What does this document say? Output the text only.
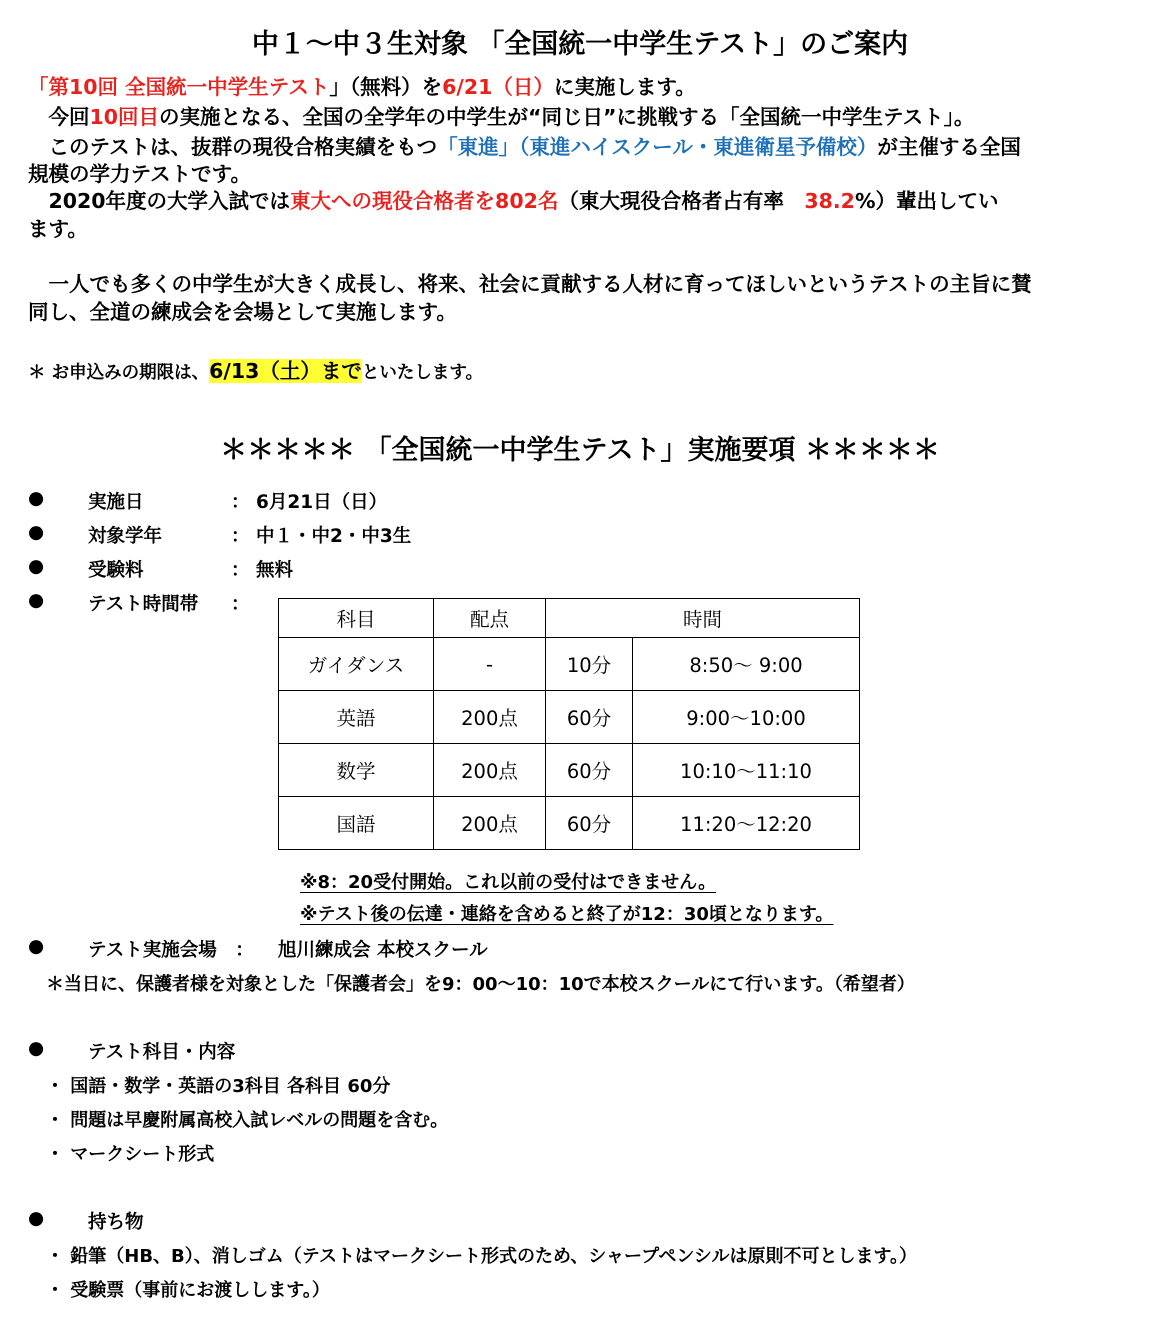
中１～中３生対象 「全国統一中学生テスト」のご案内
「第10回 全国統一中学生テスト」（無料）を6/21（日）に実施します。
　今回10回目の実施となる、全国の全学年の中学生が“同じ日”に挑戦する「全国統一中学生テスト」。
　このテストは、抜群の現役合格実績をもつ「東進」（東進ハイスクール・東進衛星予備校）が主催する全国
規模の学力テストです。
　2020年度の大学入試では東大への現役合格者を802名（東大現役合格者占有率　38.2%）輩出してい
ます。
　一人でも多くの中学生が大きく成長し、将来、社会に貢献する人材に育ってほしいというテストの主旨に賛
同し、全道の練成会を会場として実施します。
＊ お申込みの期限は、6/13（土）までといたします。
＊＊＊＊＊ 「全国統一中学生テスト」実施要項 ＊＊＊＊＊
● 実施日	： 6月21日（日）
● 対象学年	： 中１・中2・中3生
● 受験料	： 無料
● テスト時間帯 ：
科目	配点	時間	
ガイダンス	-	10分	8:50～ 9:00
英語	200点	60分	9:00～10:00
数学	200点	60分	10:10～11:10
国語	200点	60分	11:20～12:20
※8：20受付開始。これ以前の受付はできません。
※テスト後の伝達・連絡を含めると終了が12：30頃となります。
● テスト実施会場　： 旭川練成会 本校スクール
＊当日に、保護者様を対象とした「保護者会」を9：00～10：10で本校スクールにて行います。（希望者）
● テスト科目・内容
・ 国語・数学・英語の3科目 各科目 60分
・ 問題は早慶附属高校入試レベルの問題を含む。
・ マークシート形式
● 持ち物
・ 鉛筆（HB、B）、消しゴム（テストはマークシート形式のため、シャープペンシルは原則不可とします。）
・ 受験票（事前にお渡しします。）
